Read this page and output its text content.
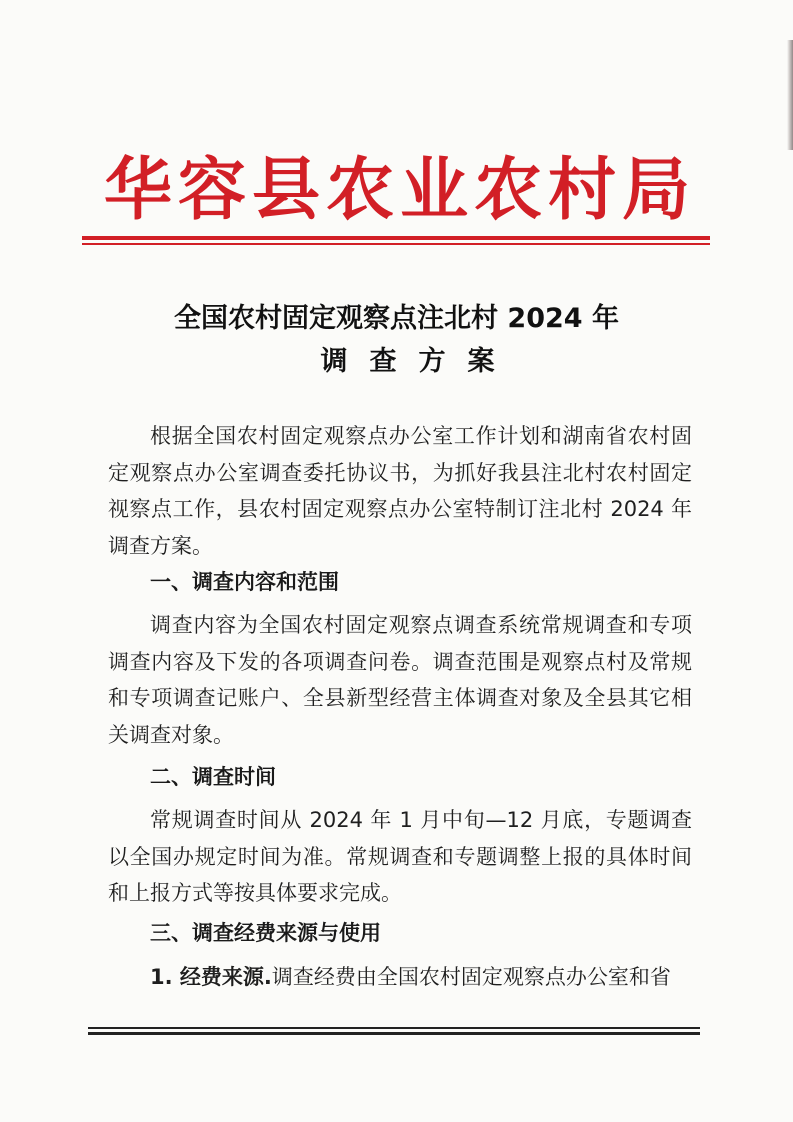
华容县农业农村局
全国农村固定观察点注北村 2024 年
调查方案

根据全国农村固定观察点办公室工作计划和湖南省农村固定观察点办公室调查委托协议书，为抓好我县注北村农村固定视察点工作，县农村固定观察点办公室特制订注北村 2024 年调查方案。

一、调查内容和范围

调查内容为全国农村固定观察点调查系统常规调查和专项调查内容及下发的各项调查问卷。调查范围是观察点村及常规和专项调查记账户、全县新型经营主体调查对象及全县其它相关调查对象。

二、调查时间

常规调查时间从 2024 年 1 月中旬—12 月底，专题调查以全国办规定时间为准。常规调查和专题调整上报的具体时间和上报方式等按具体要求完成。

三、调查经费来源与使用

1. 经费来源.调查经费由全国农村固定观察点办公室和省
